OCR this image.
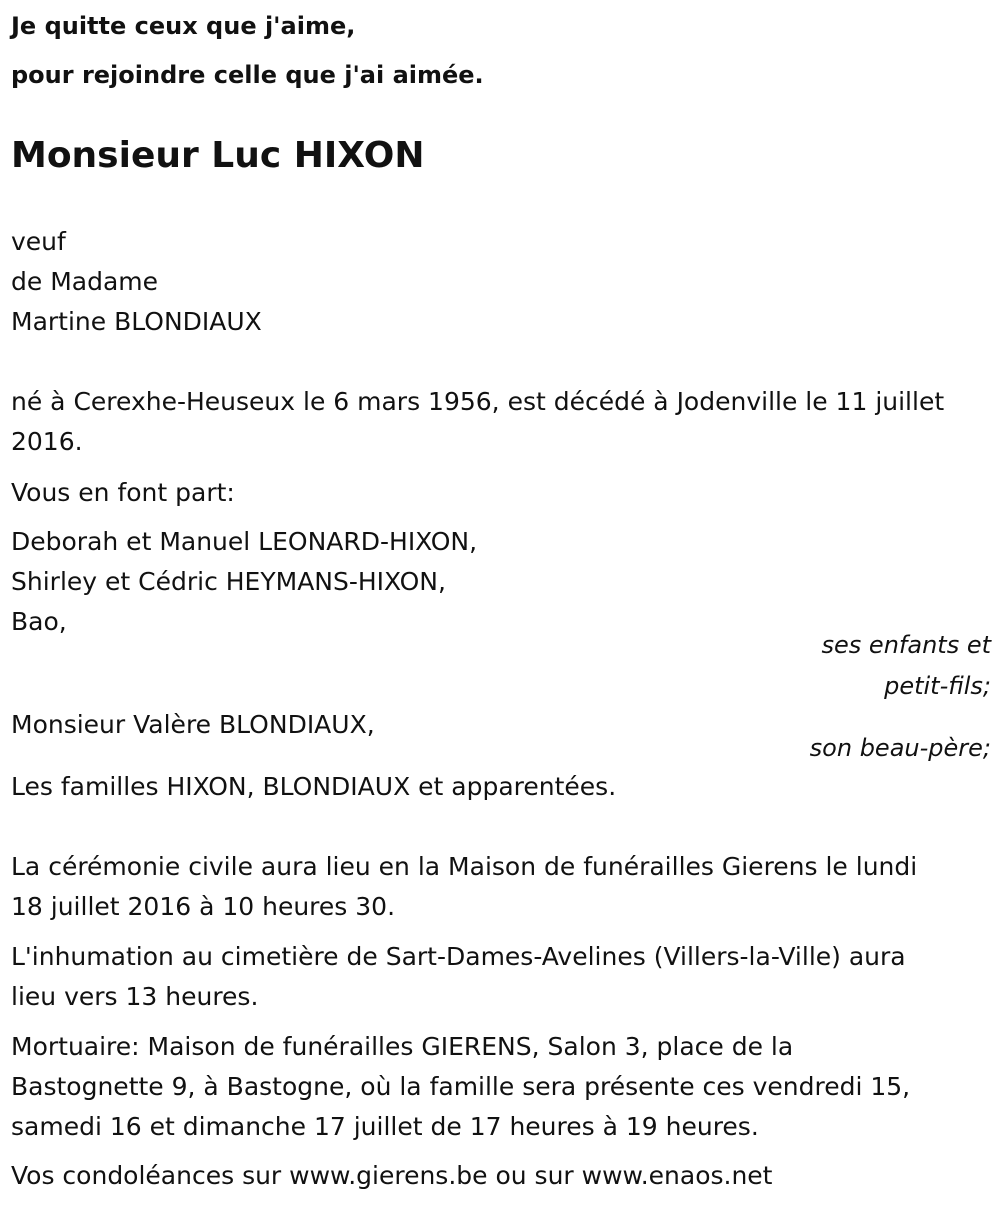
Je quitte ceux que j'aime,

pour rejoindre celle que j'ai aimée.

Monsieur Luc HIXON

veuf

de Madame

Martine BLONDIAUX

né à Cerexhe-Heuseux le 6 mars 1956, est décédé à Jodenville le 11 juillet

2016.

Vous en font part:

Deborah et Manuel LEONARD-HIXON,

Shirley et Cédric HEYMANS-HIXON,

Bao,

ses enfants et

petit-fils;

Monsieur Valère BLONDIAUX,

son beau-père;

Les familles HIXON, BLONDIAUX et apparentées.

La cérémonie civile aura lieu en la Maison de funérailles Gierens le lundi

18 juillet 2016 à 10 heures 30.

L'inhumation au cimetière de Sart-Dames-Avelines (Villers-la-Ville) aura

lieu vers 13 heures.

Mortuaire: Maison de funérailles GIERENS, Salon 3, place de la

Bastognette 9, à Bastogne, où la famille sera présente ces vendredi 15,

samedi 16 et dimanche 17 juillet de 17 heures à 19 heures.

Vos condoléances sur www.gierens.be ou sur www.enaos.net
